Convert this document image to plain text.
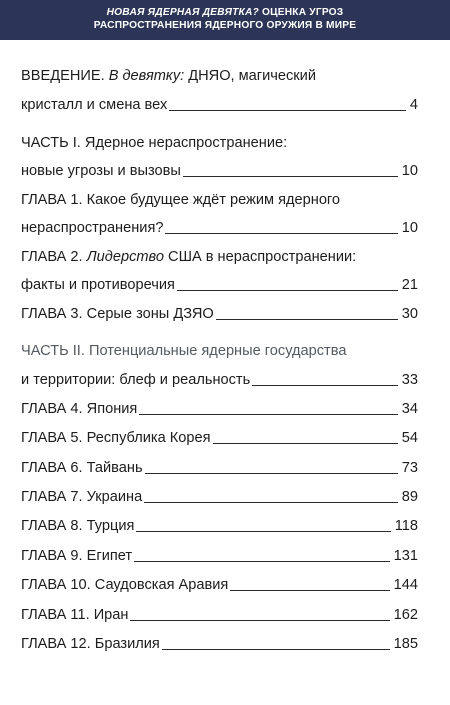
НОВАЯ ЯДЕРНАЯ ДЕВЯТКА? ОЦЕНКА УГРОЗ
РАСПРОСТРАНЕНИЯ ЯДЕРНОГО ОРУЖИЯ В МИРЕ
ВВЕДЕНИЕ. В девятку: ДНЯО, магический
кристалл и смена вех	4
ЧАСТЬ I. Ядерное нераспространение:
новые угрозы и вызовы	10
ГЛАВА 1. Какое будущее ждёт режим ядерного
нераспространения?	10
ГЛАВА 2. Лидерство США в нераспространении:
факты и противоречия	21
ГЛАВА 3. Серые зоны ДЗЯО	30
ЧАСТЬ II. Потенциальные ядерные государства
и территории: блеф и реальность	33
ГЛАВА 4. Япония	34
ГЛАВА 5. Республика Корея	54
ГЛАВА 6. Тайвань	73
ГЛАВА 7. Украина	89
ГЛАВА 8. Турция	118
ГЛАВА 9. Египет	131
ГЛАВА 10. Саудовская Аравия	144
ГЛАВА 11. Иран	162
ГЛАВА 12. Бразилия	185
